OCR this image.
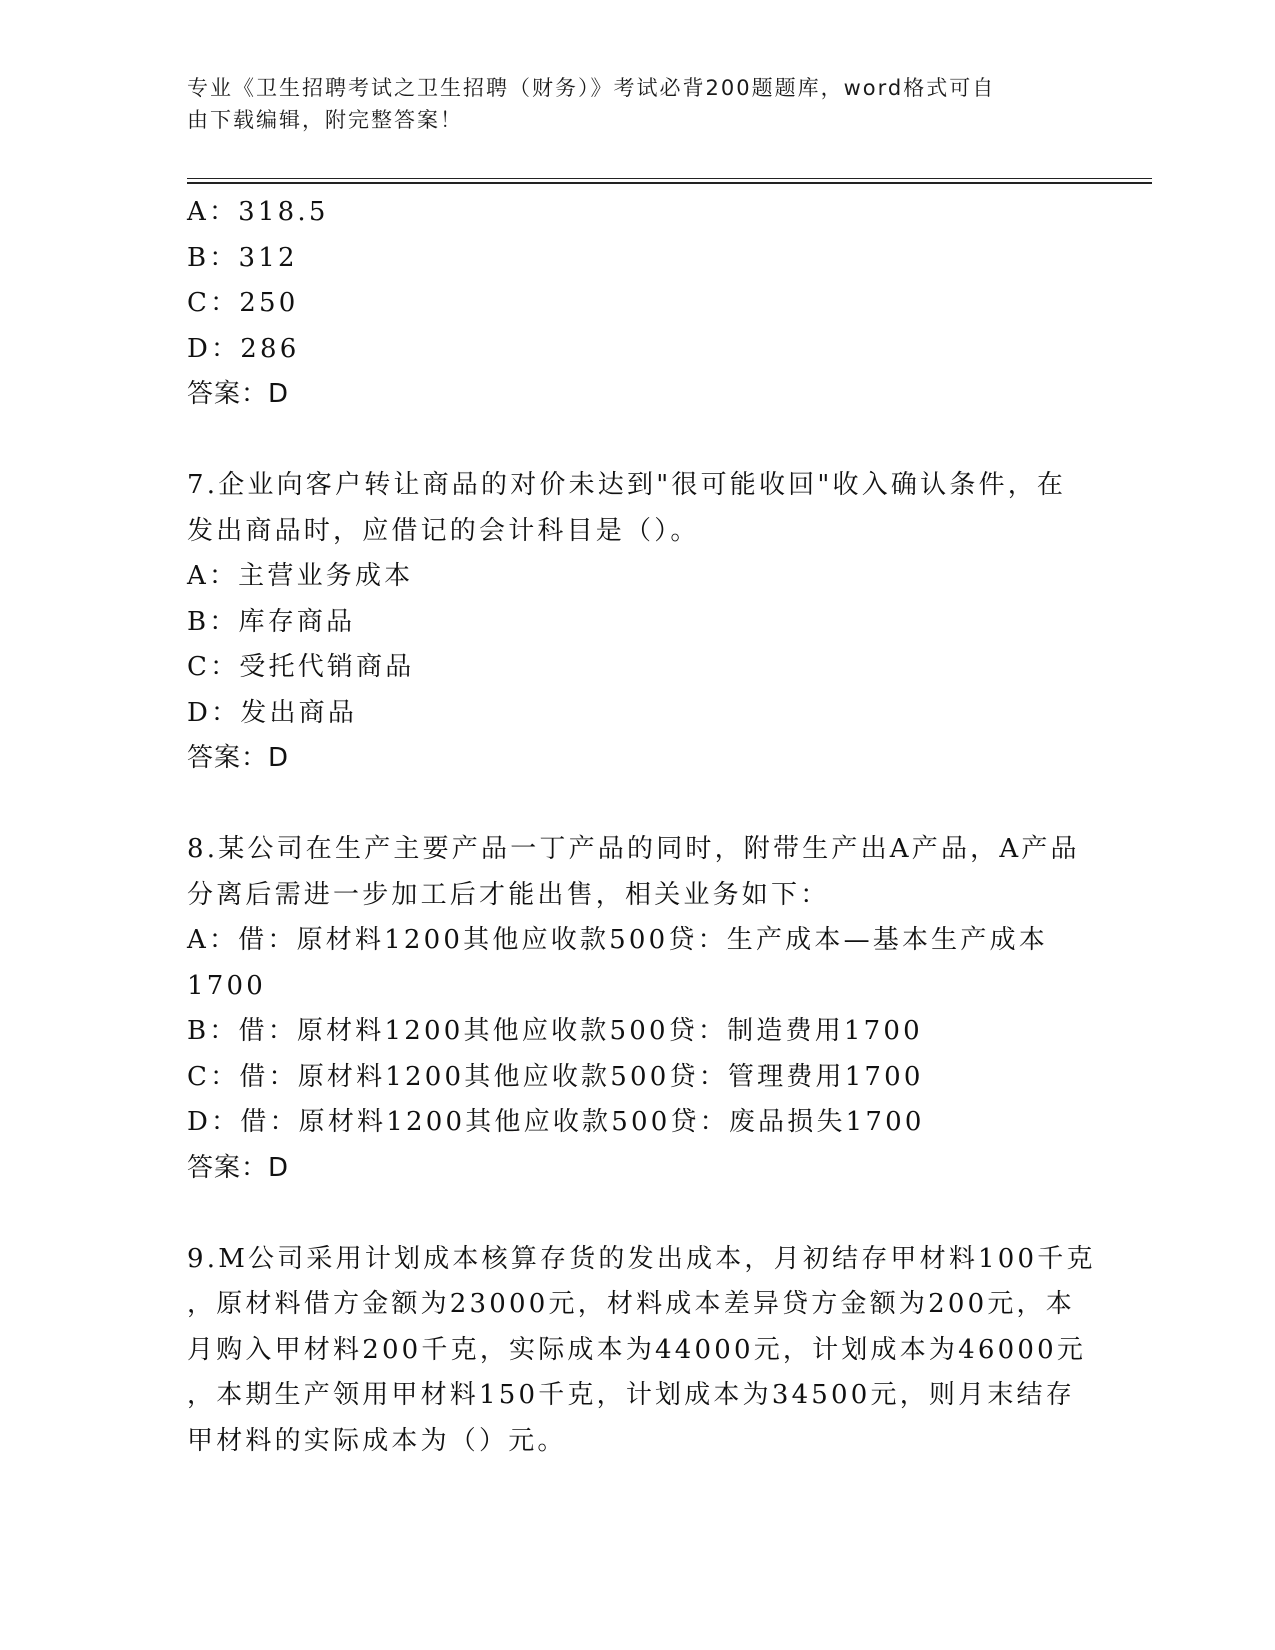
专业《卫生招聘考试之卫生招聘（财务）》考试必背200题题库，word格式可自
由下载编辑，附完整答案！
A：318.5
B：312
C：250
D：286
答案：D
7.企业向客户转让商品的对价未达到"很可能收回"收入确认条件，在
发出商品时，应借记的会计科目是（）。
A：主营业务成本
B：库存商品
C：受托代销商品
D：发出商品
答案：D
8.某公司在生产主要产品一丁产品的同时，附带生产出A产品，A产品
分离后需进一步加工后才能出售，相关业务如下：
A：借：原材料1200其他应收款500贷：生产成本—基本生产成本
1700
B：借：原材料1200其他应收款500贷：制造费用1700
C：借：原材料1200其他应收款500贷：管理费用1700
D：借：原材料1200其他应收款500贷：废品损失1700
答案：D
9.M公司采用计划成本核算存货的发出成本，月初结存甲材料100千克
，原材料借方金额为23000元，材料成本差异贷方金额为200元，本
月购入甲材料200千克，实际成本为44000元，计划成本为46000元
，本期生产领用甲材料150千克，计划成本为34500元，则月末结存
甲材料的实际成本为（）元。
